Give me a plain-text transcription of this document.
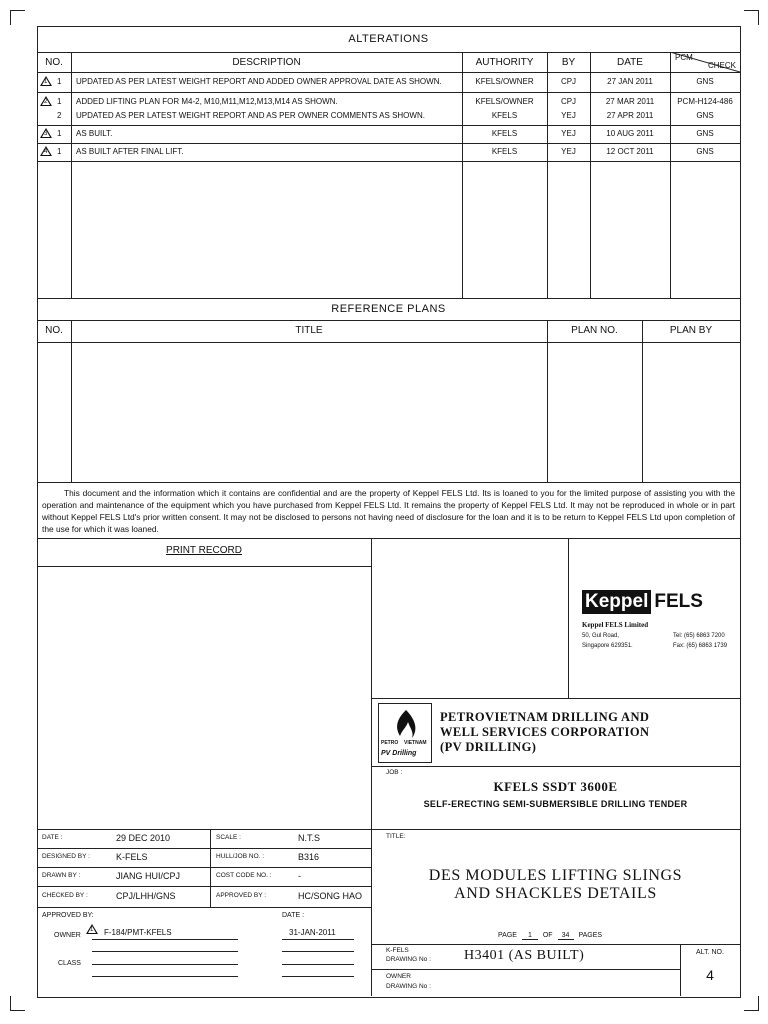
ALTERATIONS
NO.	DESCRIPTION	AUTHORITY	BY	DATE	PCM
CHECK
1 1 UPDATED AS PER LATEST WEIGHT REPORT AND ADDED OWNER APPROVAL DATE AS SHOWN.	KFELS/OWNER	CPJ	27 JAN 2011	GNS
2 1 ADDED LIFTING PLAN FOR M4-2, M10,M11,M12,M13,M14 AS SHOWN.	KFELS/OWNER	CPJ	27 MAR 2011	PCM-H124-486
2 UPDATED AS PER LATEST WEIGHT REPORT AND AS PER OWNER COMMENTS AS SHOWN.	KFELS	YEJ	27 APR 2011	GNS
3 1 AS BUILT.	KFELS	YEJ	10 AUG 2011	GNS
4 1 AS BUILT AFTER FINAL LIFT.	KFELS	YEJ	12 OCT 2011	GNS
REFERENCE PLANS
NO.	TITLE	PLAN NO.	PLAN BY
This document and the information which it contains are confidential and are the property of Keppel FELS Ltd. Its is loaned to you for the limited purpose of assisting you with the operation and maintenance of the equipment which you have purchased from Keppel FELS Ltd. It remains the property of Keppel FELS Ltd. It may not be reproduced in whole or in part without Keppel FELS Ltd's prior written consent. It may not be disclosed to persons not having need of disclosure for the loan and it is to be return to Keppel FELS Ltd upon completion of the use for which it was loaned.
PRINT RECORD
Keppel FELS
Keppel FELS Limited
50, Gul Road,
Singapore 629351.
Tel: (65) 6863 7200
Fax: (65) 6863 1739
PETRO VIETNAM
PV Drilling
PETROVIETNAM DRILLING AND
WELL SERVICES CORPORATION
(PV DRILLING)
JOB :
KFELS SSDT 3600E
SELF-ERECTING SEMI-SUBMERSIBLE DRILLING TENDER
DATE :	29 DEC 2010	SCALE :	N.T.S
DESIGNED BY :	K-FELS	HULL/JOB NO. :	B316
DRAWN BY :	JIANG HUI/CPJ	COST CODE NO. :	-
CHECKED BY :	CPJ/LHH/GNS	APPROVED BY :	HC/SONG HAO
APPROVED BY:	DATE :
OWNER
1 F-184/PMT-KFELS	31-JAN-2011
CLASS
TITLE:
DES MODULES LIFTING SLINGS
AND SHACKLES DETAILS
PAGE 1 OF 34 PAGES
K-FELS
DRAWING No : H3401 (AS BUILT)
OWNER
DRAWING No :
ALT. NO.
4
